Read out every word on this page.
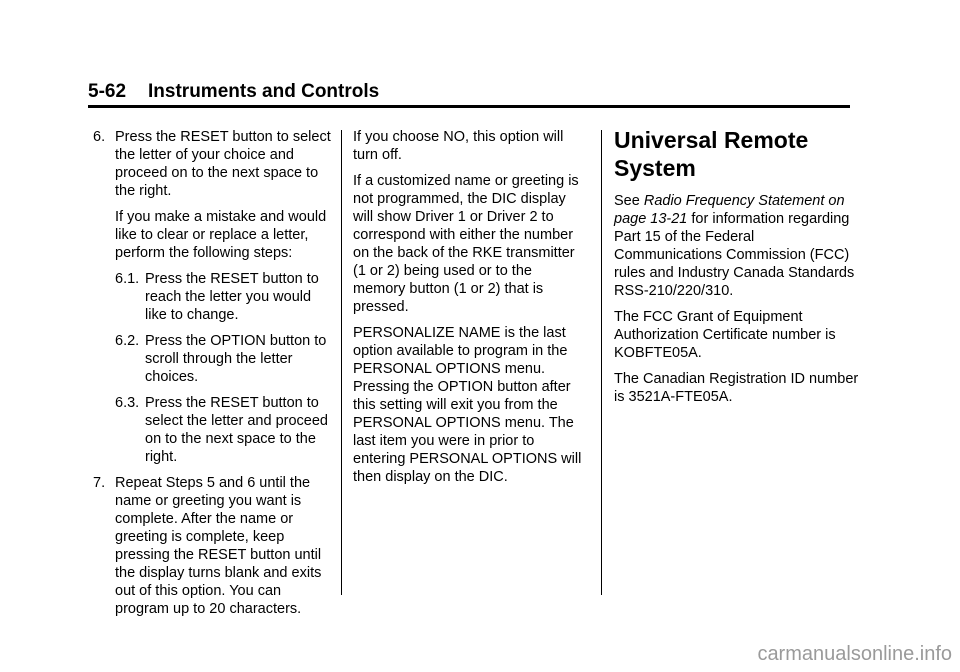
5-62 Instruments and Controls
6. Press the RESET button to select the letter of your choice and proceed on to the next space to the right.

If you make a mistake and would like to clear or replace a letter, perform the following steps:

6.1. Press the RESET button to reach the letter you would like to change.
6.2. Press the OPTION button to scroll through the letter choices.
6.3. Press the RESET button to select the letter and proceed on to the next space to the right.
7. Repeat Steps 5 and 6 until the name or greeting you want is complete. After the name or greeting is complete, keep pressing the RESET button until the display turns blank and exits out of this option. You can program up to 20 characters.

If you choose NO, this option will turn off.

If a customized name or greeting is not programmed, the DIC display will show Driver 1 or Driver 2 to correspond with either the number on the back of the RKE transmitter (1 or 2) being used or to the memory button (1 or 2) that is pressed.

PERSONALIZE NAME is the last option available to program in the PERSONAL OPTIONS menu. Pressing the OPTION button after this setting will exit you from the PERSONAL OPTIONS menu. The last item you were in prior to entering PERSONAL OPTIONS will then display on the DIC.

Universal Remote System

See Radio Frequency Statement on page 13-21 for information regarding Part 15 of the Federal Communications Commission (FCC) rules and Industry Canada Standards RSS-210/220/310.

The FCC Grant of Equipment Authorization Certificate number is KOBFTE05A.

The Canadian Registration ID number is 3521A-FTE05A.

carmanualsonline.info
